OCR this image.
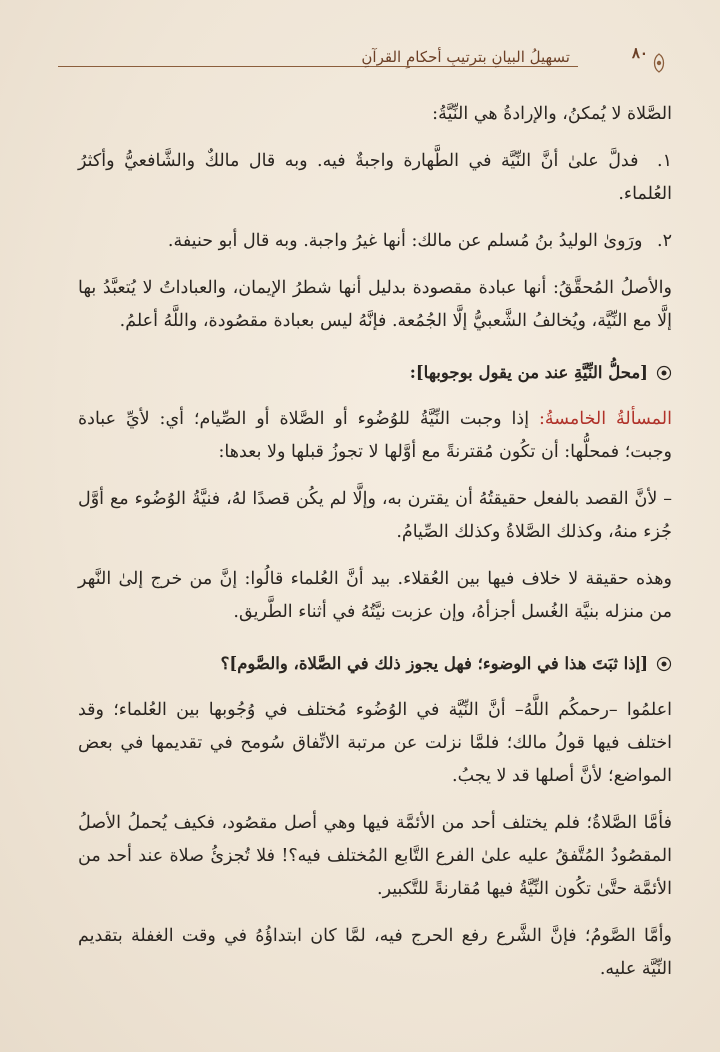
تسهيلُ البيانِ بترتيبِ أحكامِ القرآنِ	٨٠

الصَّلاة لا يُمكنُ، والإرادةُ هي النِّيَّةُ:

١. فدلَّ علىٰ أنَّ النِّيَّة في الطَّهارة واجبةٌ فيه. وبه قال مالكٌ والشَّافعيُّ وأكثرُ العُلماء.

٢. ورَوىٰ الوليدُ بنُ مُسلم عن مالك: أنها غيرُ واجبة. وبه قال أبو حنيفة.

والأصلُ المُحقَّقُ: أنها عبادة مقصودة بدليل أنها شطرُ الإيمان، والعباداتُ لا يُتعبَّدُ بها إلَّا مع النِّيَّة، ويُخالفُ الشَّعبيُّ إلَّا الجُمُعة. فإنَّهُ ليس بعبادة مقصُودة، واللَّهُ أعلمُ.

[محلُّ النِّيَّةِ عند من يقول بوجوبها]:

المسألةُ الخامسةُ: إذا وجبت النِّيَّةُ للوُضُوء أو الصَّلاة أو الصِّيام؛ أي: لأيِّ عبادة وجبت؛ فمحلُّها: أن تكُون مُقترنةً مع أوَّلها لا تجوزُ قبلها ولا بعدها:

– لأنَّ القصد بالفعل حقيقتُهُ أن يقترن به، وإلَّا لم يكُن قصدًا لهُ، فنيَّةُ الوُضُوء مع أوَّل جُزء منهُ، وكذلك الصَّلاةُ وكذلك الصِّيامُ.

وهذه حقيقة لا خلاف فيها بين العُقلاء. بيد أنَّ العُلماء قالُوا: إنَّ من خرج إلىٰ النَّهر من منزله بنيَّة الغُسل أجزأهُ، وإن عزبت نيَّتُهُ في أثناء الطَّريق.

[إذا ثبَتَ هذا في الوضوء؛ فهل يجوز ذلك في الصَّلاة، والصَّوم]؟

اعلمُوا –رحمكُم اللَّهُ– أنَّ النِّيَّة في الوُضُوء مُختلف في وُجُوبها بين العُلماء؛ وقد اختلف فيها قولُ مالك؛ فلمَّا نزلت عن مرتبة الاتِّفاق سُومح في تقديمها في بعض المواضع؛ لأنَّ أصلها قد لا يجبُ.

فأمَّا الصَّلاةُ؛ فلم يختلف أحد من الأئمَّة فيها وهي أصل مقصُود، فكيف يُحملُ الأصلُ المقصُودُ المُتَّفقُ عليه علىٰ الفرع التَّابع المُختلف فيه؟! فلا تُجزئُ صلاة عند أحد من الأئمَّة حتَّىٰ تكُون النِّيَّةُ فيها مُقارنةً للتَّكبير.

وأمَّا الصَّومُ؛ فإنَّ الشَّرع رفع الحرج فيه، لمَّا كان ابتداؤُهُ في وقت الغفلة بتقديم النِّيَّة عليه.
